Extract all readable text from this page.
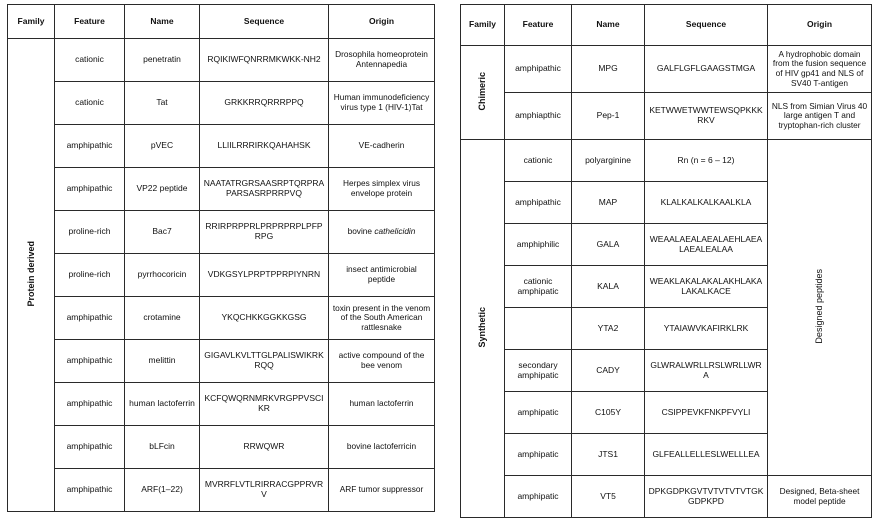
Family	Feature	Name	Sequence	Origin
Protein derived	cationic	penetratin	RQIKIWFQNRRMKWKK-NH2	Drosophila homeoprotein Antennapedia
	cationic	Tat	GRKKRRQRRRPPQ	Human immunodeficiency virus type 1 (HIV-1)Tat
	amphipathic	pVEC	LLIILRRRIRKQAHAHSK	VE-cadherin
	amphipathic	VP22 peptide	NAATATRGRSAASRPTQRPRAPARSASRPRRPVQ	Herpes simplex virus envelope protein
	proline-rich	Bac7	RRIRPRPPRLPRPRPRPLPFPRPG	bovine cathelicidin
	proline-rich	pyrrhocoricin	VDKGSYLPRPTPPRPIYNRN	insect antimicrobial peptide
	amphipathic	crotamine	YKQCHKKGGKKGSG	toxin present in the venom of the South American rattlesnake
	amphipathic	melittin	GIGAVLKVLTTGLPALISWIKRKRQQ	active compound of the bee venom
	amphipathic	human lactoferrin	KCFQWQRNMRKVRGPPVSCIKR	human lactoferrin
	amphipathic	bLFcin	RRWQWR	bovine lactoferricin
	amphipathic	ARF(1–22)	MVRRFLVTLRIRRACGPPRVRV	ARF tumor suppressor
Family	Feature	Name	Sequence	Origin
Chimeric	amphipathic	MPG	GALFLGFLGAAGSTMGA	A hydrophobic domain from the fusion sequence of HIV gp41 and NLS of SV40 T-antigen
	amphiapthic	Pep-1	KETWWETWWTEWSQPKKKRKV	NLS from Simian Virus 40 large antigen T and tryptophan-rich cluster
Synthetic	cationic	polyarginine	Rn (n = 6 – 12)	Designed peptides
	amphipathic	MAP	KLALKALKALKAALKLA	
	amphiphilic	GALA	WEAALAEALAEALAEHLAEALAEALEALAA	
	cationic amphipatic	KALA	WEAKLAKALAKALAKHLAKALAKALKACE	
		YTA2	YTAIAWVKAFIRKLRK	
	secondary amphipatic	CADY	GLWRALWRLLRSLWRLLWRA	
	amphipatic	C105Y	CSIPPEVKFNKPFVYLI	
	amphipatic	JTS1	GLFEALLELLESLWELLLEA	
	amphipatic	VT5	DPKGDPKGVTVTVTVTVTGKGDPKPD	Designed, Beta-sheet model peptide
